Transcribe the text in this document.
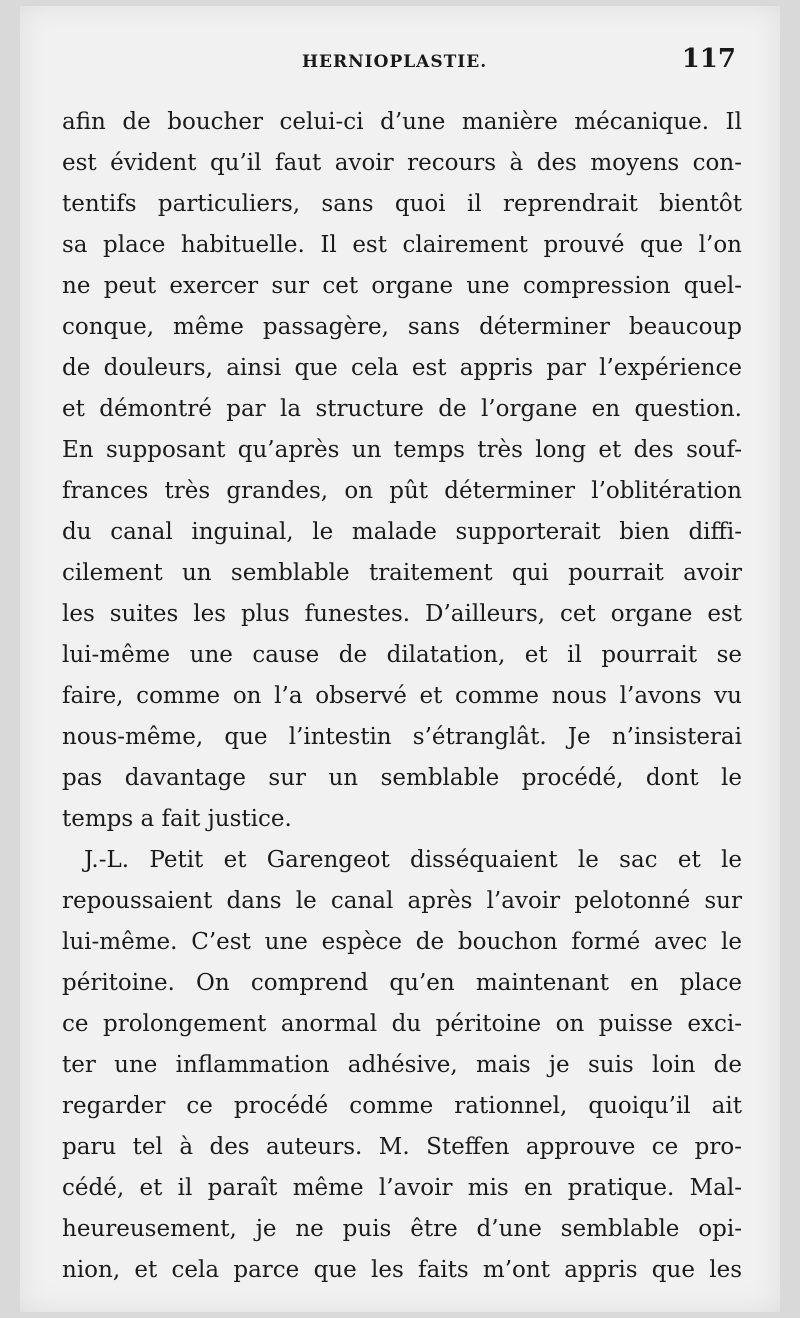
HERNIOPLASTIE.	117
afin de boucher celui-ci d’une manière mécanique. Il
est évident qu’il faut avoir recours à des moyens con-
tentifs particuliers, sans quoi il reprendrait bientôt
sa place habituelle. Il est clairement prouvé que l’on
ne peut exercer sur cet organe une compression quel-
conque, même passagère, sans déterminer beaucoup
de douleurs, ainsi que cela est appris par l’expérience
et démontré par la structure de l’organe en question.
En supposant qu’après un temps très long et des souf-
frances très grandes, on pût déterminer l’oblitération
du canal inguinal, le malade supporterait bien diffi-
cilement un semblable traitement qui pourrait avoir
les suites les plus funestes. D’ailleurs, cet organe est
lui-même une cause de dilatation, et il pourrait se
faire, comme on l’a observé et comme nous l’avons vu
nous-même, que l’intestin s’étranglât. Je n’insisterai
pas davantage sur un semblable procédé, dont le
temps a fait justice.
J.-L. Petit et Garengeot disséquaient le sac et le
repoussaient dans le canal après l’avoir pelotonné sur
lui-même. C’est une espèce de bouchon formé avec le
péritoine. On comprend qu’en maintenant en place
ce prolongement anormal du péritoine on puisse exci-
ter une inflammation adhésive, mais je suis loin de
regarder ce procédé comme rationnel, quoiqu’il ait
paru tel à des auteurs. M. Steffen approuve ce pro-
cédé, et il paraît même l’avoir mis en pratique. Mal-
heureusement, je ne puis être d’une semblable opi-
nion, et cela parce que les faits m’ont appris que les
